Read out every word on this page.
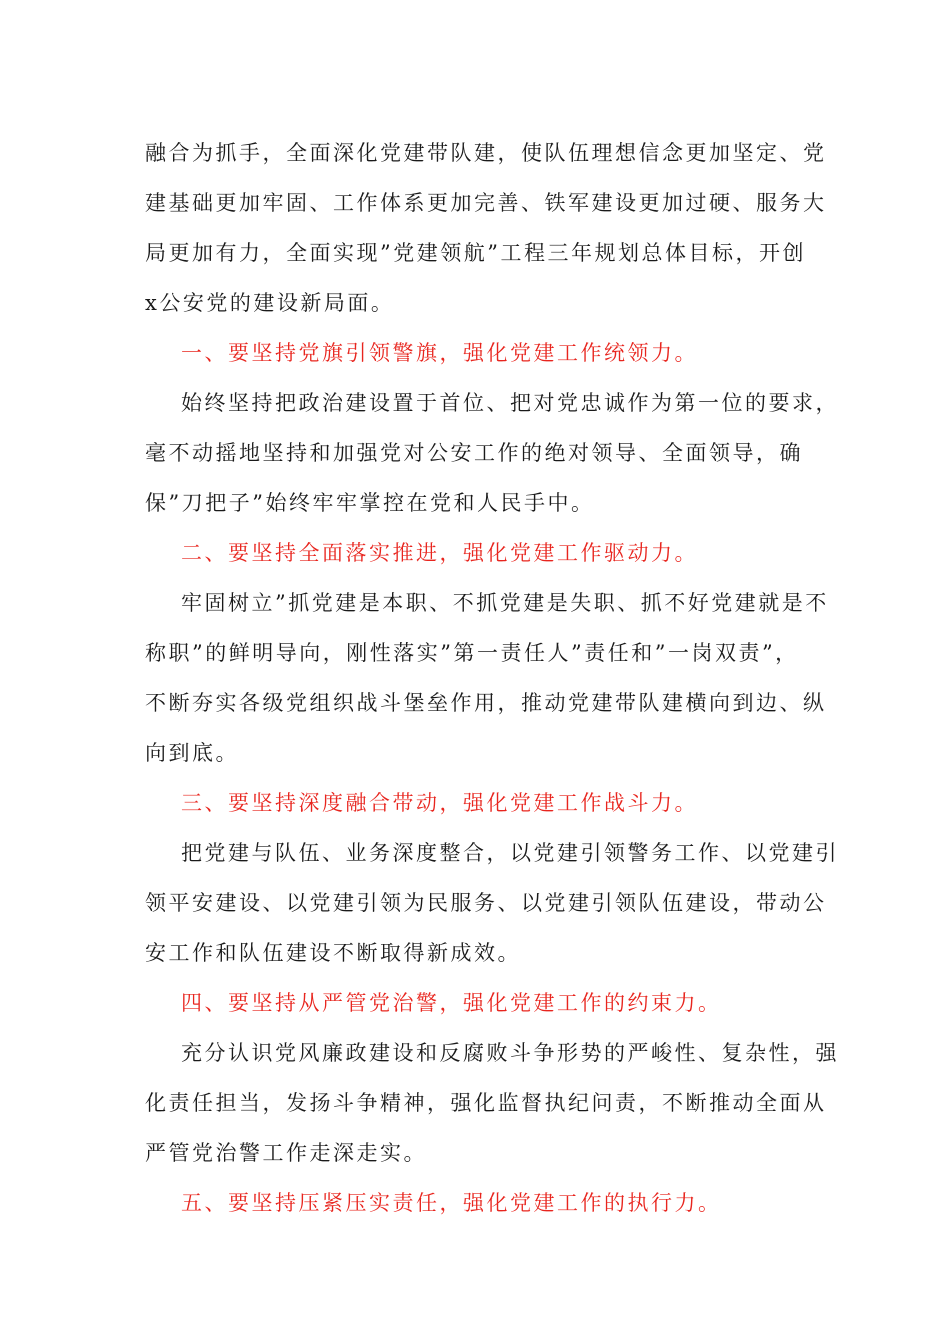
融合为抓手，全面深化党建带队建，使队伍理想信念更加坚定、党
建基础更加牢固、工作体系更加完善、铁军建设更加过硬、服务大
局更加有力，全面实现”党建领航”工程三年规划总体目标，开创
x公安党的建设新局面。
一、要坚持党旗引领警旗，强化党建工作统领力。
始终坚持把政治建设置于首位、把对党忠诚作为第一位的要求，
毫不动摇地坚持和加强党对公安工作的绝对领导、全面领导，确
保”刀把子”始终牢牢掌控在党和人民手中。
二、要坚持全面落实推进，强化党建工作驱动力。
牢固树立”抓党建是本职、不抓党建是失职、抓不好党建就是不
称职”的鲜明导向，刚性落实”第一责任人”责任和”一岗双责”，
不断夯实各级党组织战斗堡垒作用，推动党建带队建横向到边、纵
向到底。
三、要坚持深度融合带动，强化党建工作战斗力。
把党建与队伍、业务深度整合，以党建引领警务工作、以党建引
领平安建设、以党建引领为民服务、以党建引领队伍建设，带动公
安工作和队伍建设不断取得新成效。
四、要坚持从严管党治警，强化党建工作的约束力。
充分认识党风廉政建设和反腐败斗争形势的严峻性、复杂性，强
化责任担当，发扬斗争精神，强化监督执纪问责，不断推动全面从
严管党治警工作走深走实。
五、要坚持压紧压实责任，强化党建工作的执行力。
